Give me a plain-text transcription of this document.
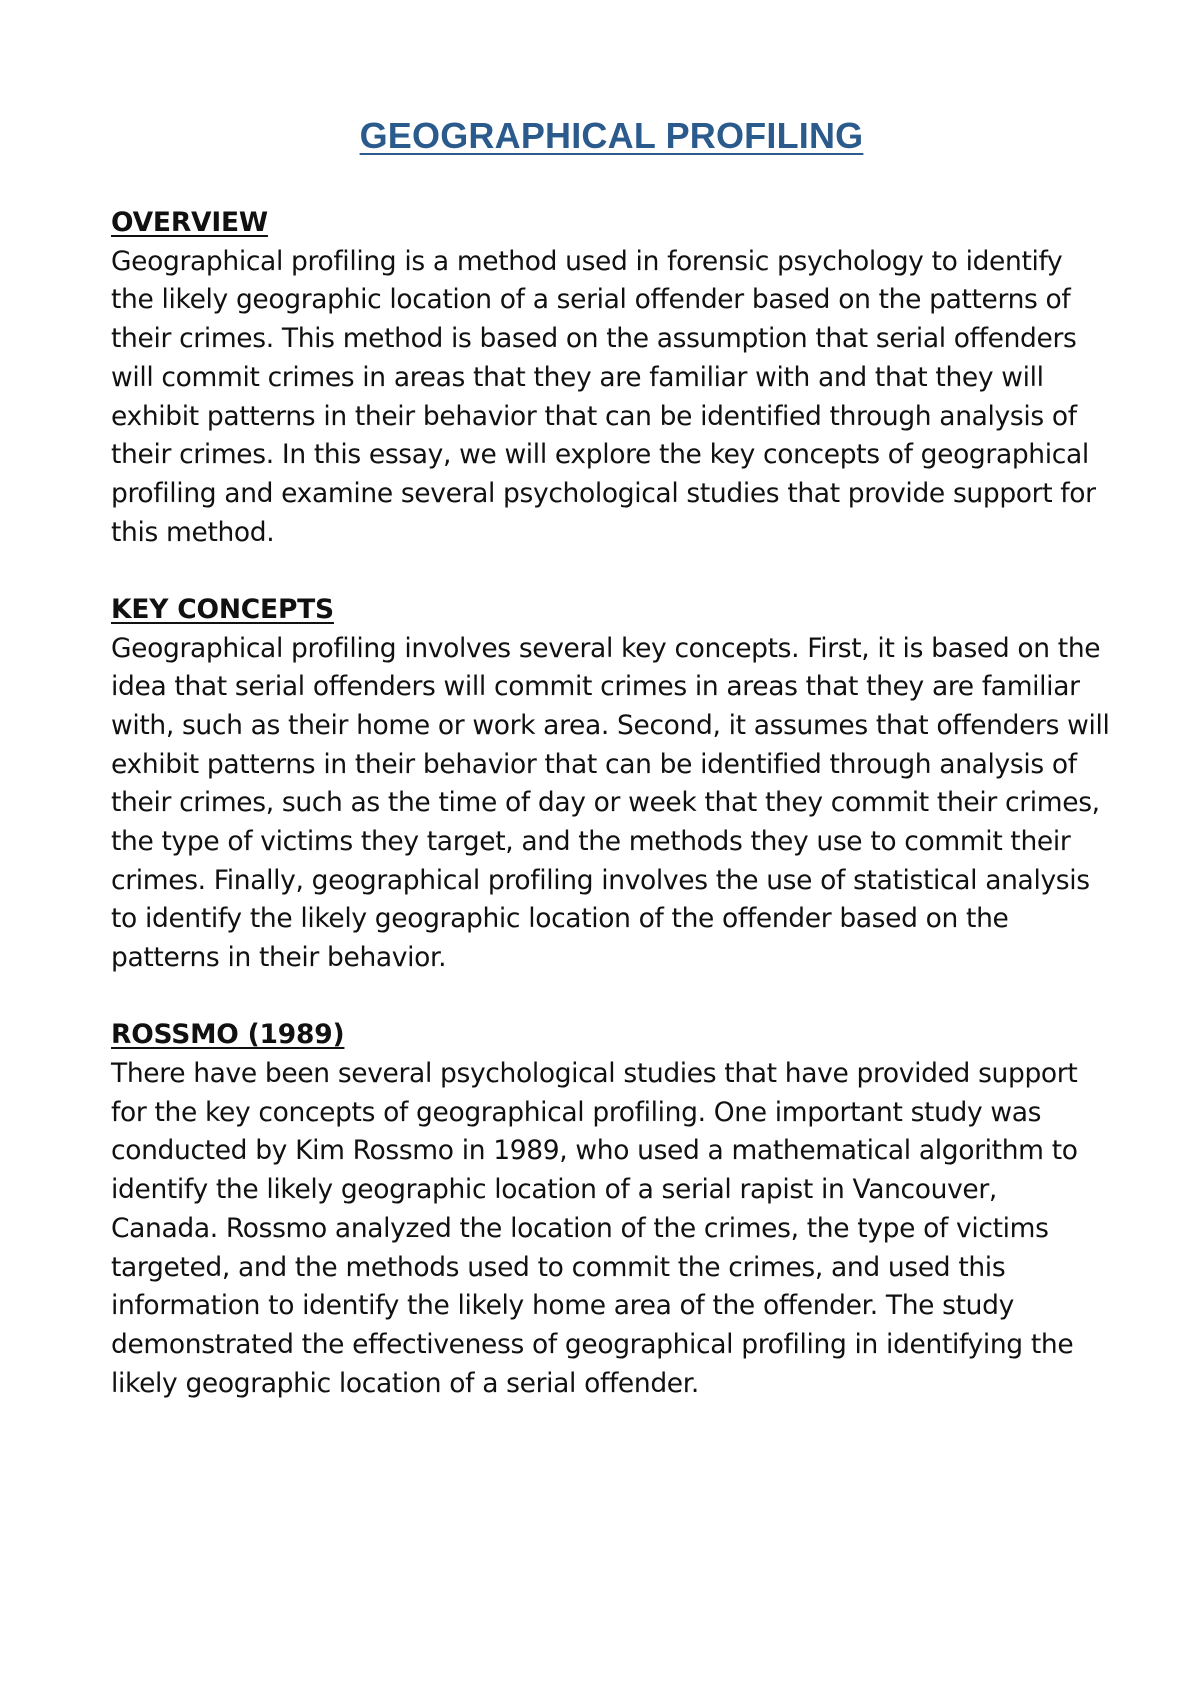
GEOGRAPHICAL PROFILING
OVERVIEW

Geographical profiling is a method used in forensic psychology to identify the likely geographic location of a serial offender based on the patterns of their crimes. This method is based on the assumption that serial offenders will commit crimes in areas that they are familiar with and that they will exhibit patterns in their behavior that can be identified through analysis of their crimes. In this essay, we will explore the key concepts of geographical profiling and examine several psychological studies that provide support for this method.

KEY CONCEPTS

Geographical profiling involves several key concepts. First, it is based on the idea that serial offenders will commit crimes in areas that they are familiar with, such as their home or work area. Second, it assumes that offenders will exhibit patterns in their behavior that can be identified through analysis of their crimes, such as the time of day or week that they commit their crimes, the type of victims they target, and the methods they use to commit their crimes. Finally, geographical profiling involves the use of statistical analysis to identify the likely geographic location of the offender based on the patterns in their behavior.

ROSSMO (1989)

There have been several psychological studies that have provided support for the key concepts of geographical profiling. One important study was conducted by Kim Rossmo in 1989, who used a mathematical algorithm to identify the likely geographic location of a serial rapist in Vancouver, Canada. Rossmo analyzed the location of the crimes, the type of victims targeted, and the methods used to commit the crimes, and used this information to identify the likely home area of the offender. The study demonstrated the effectiveness of geographical profiling in identifying the likely geographic location of a serial offender.
